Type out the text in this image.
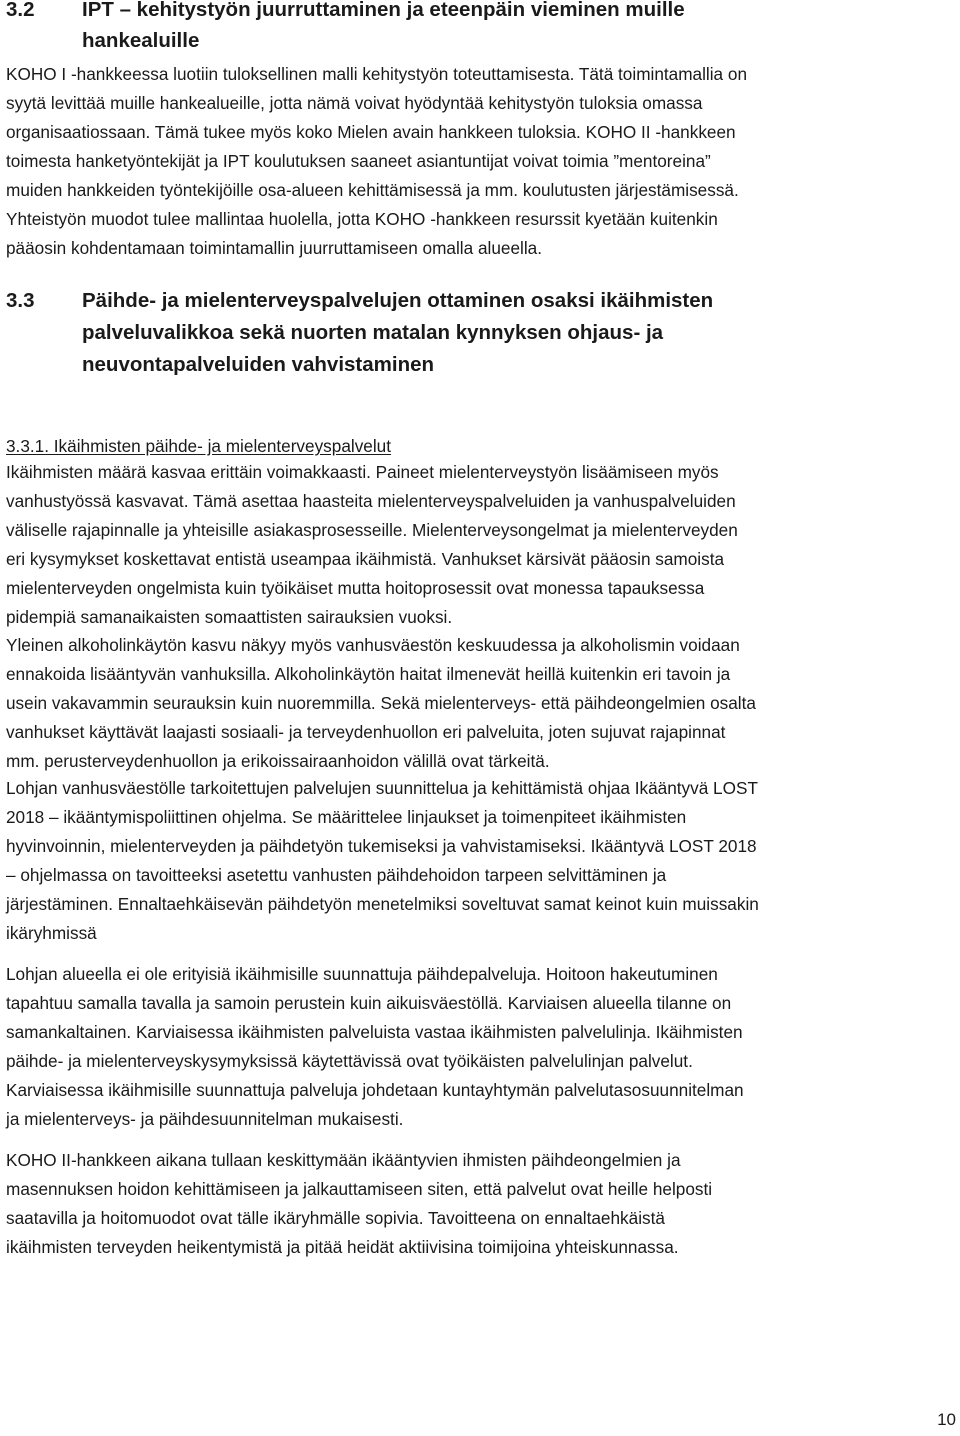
3.2 IPT – kehitystyön juurruttaminen ja eteenpäin vieminen muille
hankealuille

KOHO I -hankkeessa luotiin tuloksellinen malli kehitystyön toteuttamisesta. Tätä toimintamallia on
syytä levittää muille hankealueille, jotta nämä voivat hyödyntää kehitystyön tuloksia omassa
organisaatiossaan. Tämä tukee myös koko Mielen avain hankkeen tuloksia. KOHO II -hankkeen
toimesta hanketyöntekijät ja IPT koulutuksen saaneet asiantuntijat voivat toimia ”mentoreina”
muiden hankkeiden työntekijöille osa-alueen kehittämisessä ja mm. koulutusten järjestämisessä.
Yhteistyön muodot tulee mallintaa huolella, jotta KOHO -hankkeen resurssit kyetään kuitenkin
pääosin kohdentamaan toimintamallin juurruttamiseen omalla alueella.

3.3 Päihde- ja mielenterveyspalvelujen ottaminen osaksi ikäihmisten
palveluvalikkoa sekä nuorten matalan kynnyksen ohjaus- ja
neuvontapalveluiden vahvistaminen
3.3.1. Ikäihmisten päihde- ja mielenterveyspalvelut

Ikäihmisten määrä kasvaa erittäin voimakkaasti. Paineet mielenterveystyön lisäämiseen myös
vanhustyössä kasvavat. Tämä asettaa haasteita mielenterveyspalveluiden ja vanhuspalveluiden
väliselle rajapinnalle ja yhteisille asiakasprosesseille. Mielenterveysongelmat ja mielenterveyden
eri kysymykset koskettavat entistä useampaa ikäihmistä. Vanhukset kärsivät pääosin samoista
mielenterveyden ongelmista kuin työikäiset mutta hoitoprosessit ovat monessa tapauksessa
pidempiä samanaikaisten somaattisten sairauksien vuoksi.

Yleinen alkoholinkäytön kasvu näkyy myös vanhusväestön keskuudessa ja alkoholismin voidaan
ennakoida lisääntyvän vanhuksilla. Alkoholinkäytön haitat ilmenevät heillä kuitenkin eri tavoin ja
usein vakavammin seurauksin kuin nuoremmilla. Sekä mielenterveys- että päihdeongelmien osalta
vanhukset käyttävät laajasti sosiaali- ja terveydenhuollon eri palveluita, joten sujuvat rajapinnat
mm. perusterveydenhuollon ja erikoissairaanhoidon välillä ovat tärkeitä.

Lohjan vanhusväestölle tarkoitettujen palvelujen suunnittelua ja kehittämistä ohjaa Ikääntyvä LOST
2018 – ikääntymispoliittinen ohjelma. Se määrittelee linjaukset ja toimenpiteet ikäihmisten
hyvinvoinnin, mielenterveyden ja päihdetyön tukemiseksi ja vahvistamiseksi. Ikääntyvä LOST 2018
– ohjelmassa on tavoitteeksi asetettu vanhusten päihdehoidon tarpeen selvittäminen ja
järjestäminen. Ennaltaehkäisevän päihdetyön menetelmiksi soveltuvat samat keinot kuin muissakin
ikäryhmissä

Lohjan alueella ei ole erityisiä ikäihmisille suunnattuja päihdepalveluja. Hoitoon hakeutuminen
tapahtuu samalla tavalla ja samoin perustein kuin aikuisväestöllä. Karviaisen alueella tilanne on
samankaltainen. Karviaisessa ikäihmisten palveluista vastaa ikäihmisten palvelulinja. Ikäihmisten
päihde- ja mielenterveyskysymyksissä käytettävissä ovat työikäisten palvelulinjan palvelut.
Karviaisessa ikäihmisille suunnattuja palveluja johdetaan kuntayhtymän palvelutasosuunnitelman
ja mielenterveys- ja päihdesuunnitelman mukaisesti.

KOHO II-hankkeen aikana tullaan keskittymään ikääntyvien ihmisten päihdeongelmien ja
masennuksen hoidon kehittämiseen ja jalkauttamiseen siten, että palvelut ovat heille helposti
saatavilla ja hoitomuodot ovat tälle ikäryhmälle sopivia. Tavoitteena on ennaltaehkäistä
ikäihmisten terveyden heikentymistä ja pitää heidät aktiivisina toimijoina yhteiskunnassa.

10
